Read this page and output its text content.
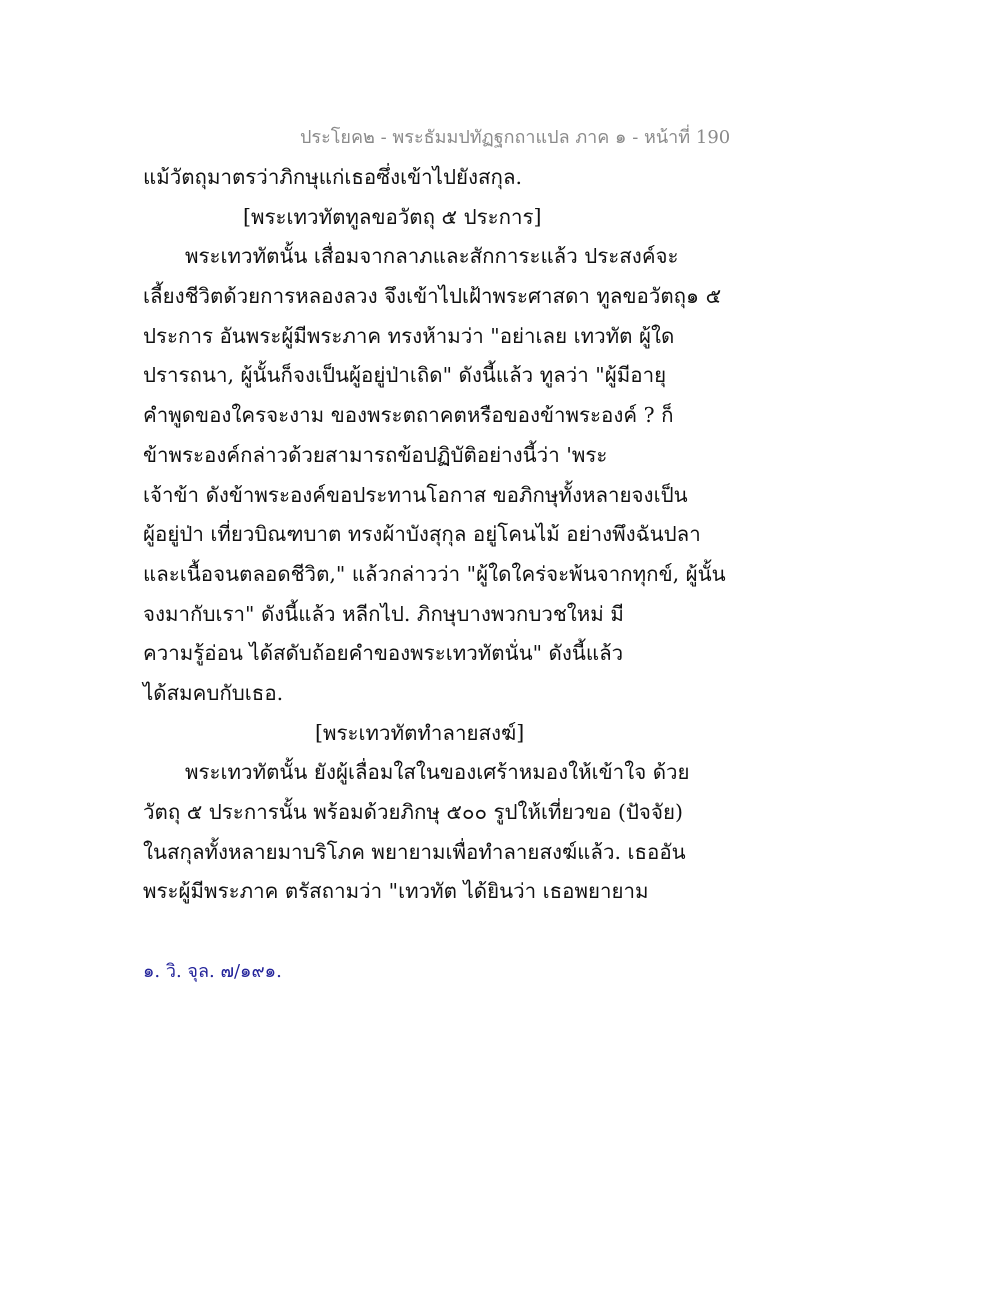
ประโยค๒ - พระธัมมปทัฏฐกถาแปล ภาค ๑ - หน้าที่ 190
แม้วัตถุมาตรว่าภิกษุแก่เธอซึ่งเข้าไปยังสกุล.
[พระเทวทัตทูลขอวัตถุ ๕ ประการ]
พระเทวทัตนั้น เสื่อมจากลาภและสักการะแล้ว ประสงค์จะ
เลี้ยงชีวิตด้วยการหลองลวง จึงเข้าไปเฝ้าพระศาสดา ทูลขอวัตถุ๑ ๕
ประการ อันพระผู้มีพระภาค ทรงห้ามว่า "อย่าเลย เทวทัต ผู้ใด
ปรารถนา, ผู้นั้นก็จงเป็นผู้อยู่ป่าเถิด" ดังนี้แล้ว ทูลว่า "ผู้มีอายุ
คำพูดของใครจะงาม ของพระตถาคตหรือของข้าพระองค์ ? ก็
ข้าพระองค์กล่าวด้วยสามารถข้อปฏิบัติอย่างนี้ว่า 'พระ
เจ้าข้า ดังข้าพระองค์ขอประทานโอกาส ขอภิกษุทั้งหลายจงเป็น
ผู้อยู่ป่า เที่ยวบิณฑบาต ทรงผ้าบังสุกุล อยู่โคนไม้ อย่างพึงฉันปลา
และเนื้อจนตลอดชีวิต," แล้วกล่าวว่า "ผู้ใดใคร่จะพ้นจากทุกข์, ผู้นั้น
จงมากับเรา" ดังนี้แล้ว หลีกไป. ภิกษุบางพวกบวชใหม่ มี
ความรู้อ่อน ได้สดับถ้อยคำของพระเทวทัตนั่น" ดังนี้แล้ว
ได้สมคบกับเธอ.
[พระเทวทัตทำลายสงฆ์]
พระเทวทัตนั้น ยังผู้เลื่อมใสในของเศร้าหมองให้เข้าใจ ด้วย
วัตถุ ๕ ประการนั้น พร้อมด้วยภิกษุ ๕๐๐ รูปให้เที่ยวขอ (ปัจจัย)
ในสกุลทั้งหลายมาบริโภค พยายามเพื่อทำลายสงฆ์แล้ว. เธออัน
พระผู้มีพระภาค ตรัสถามว่า "เทวทัต ได้ยินว่า เธอพยายาม
๑. วิ. จุล. ๗/๑๙๑.
